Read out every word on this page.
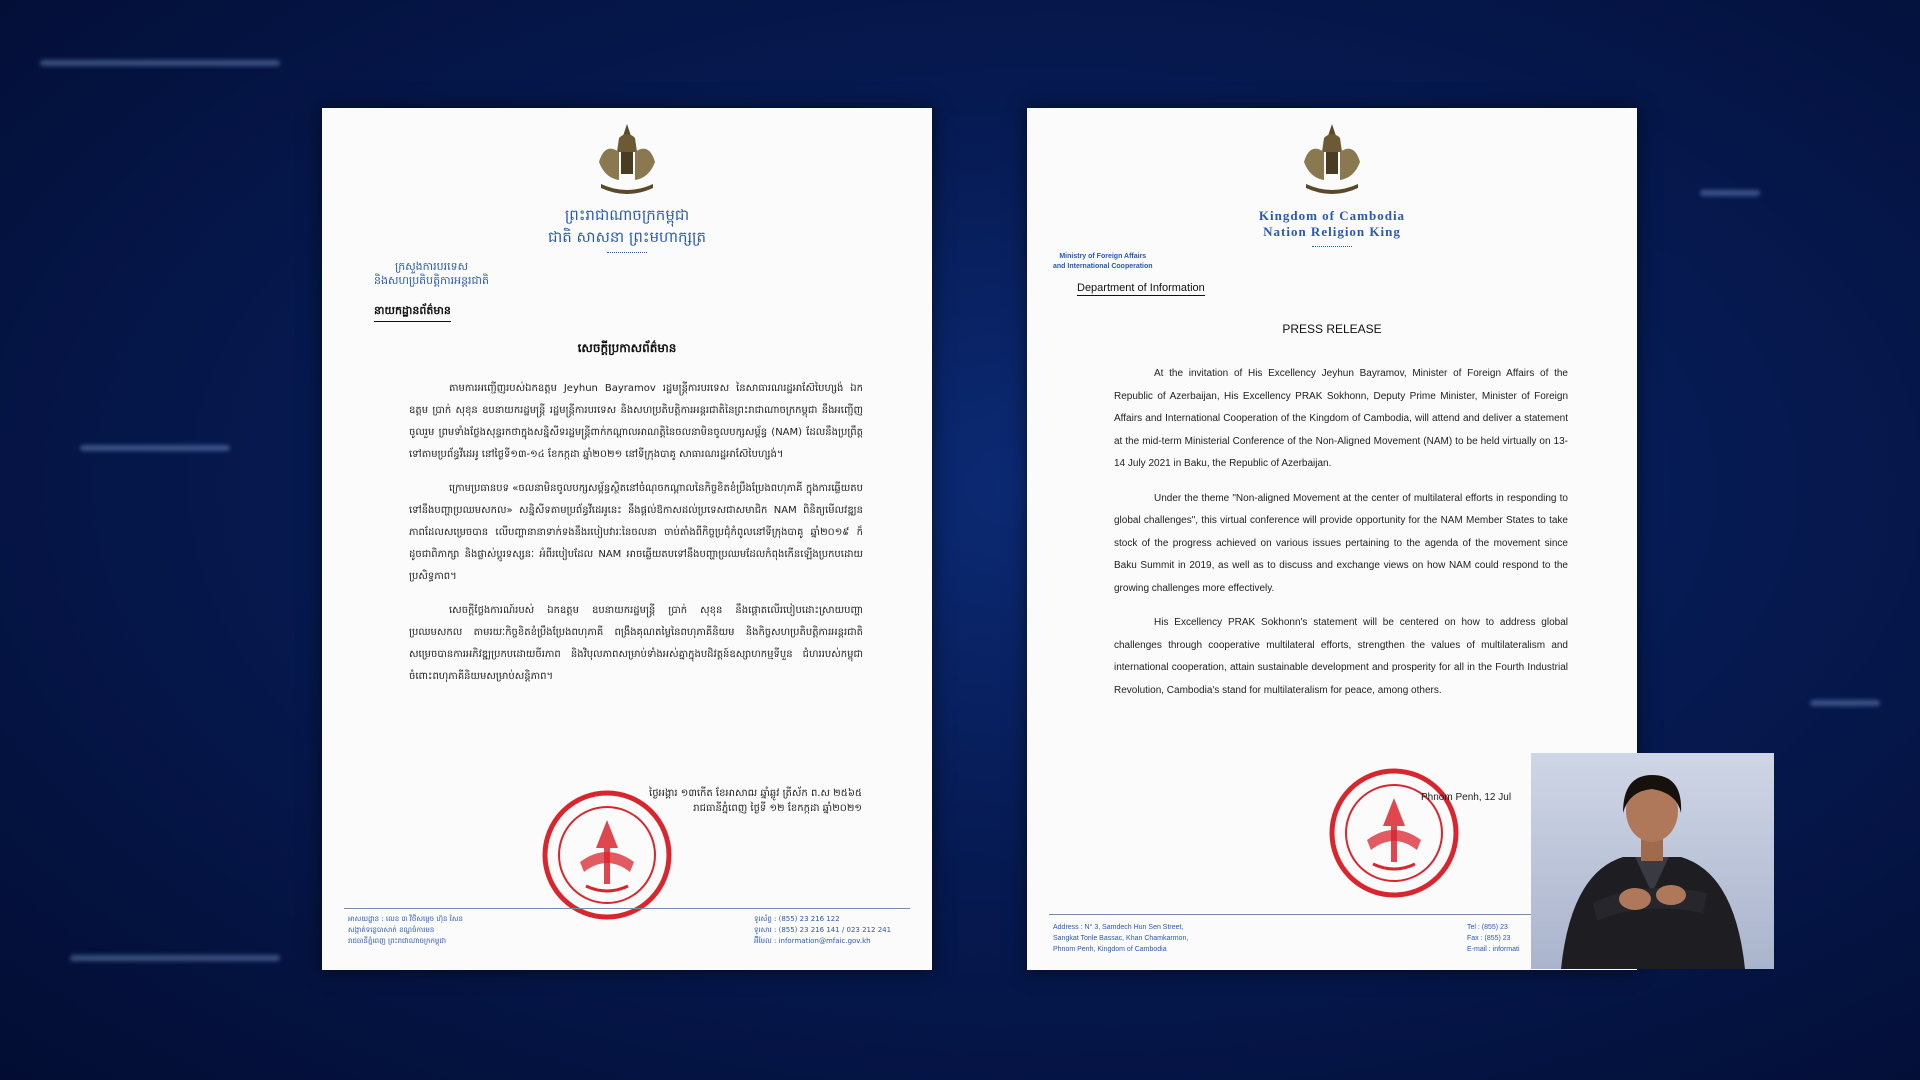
ព្រះរាជាណាចក្រកម្ពុជា
ជាតិ សាសនា ព្រះមហាក្សត្រ
ក្រសួងការបរទេស
និងសហប្រតិបត្តិការអន្តរជាតិ
នាយកដ្ឋានព័ត៌មាន
សេចក្តីប្រកាសព័ត៌មាន

តាមការអញ្ជើញរបស់ឯកឧត្តម Jeyhun Bayramov រដ្ឋមន្ត្រីការបរទេស នៃសាធារណរដ្ឋអាស៊ែបៃហ្សង់ ឯកឧត្តម ប្រាក់ សុខុន ឧបនាយករដ្ឋមន្ត្រី រដ្ឋមន្ត្រីការបរទេស និងសហប្រតិបត្តិការអន្តរជាតិនៃព្រះរាជាណាចក្រកម្ពុជា នឹងអញ្ជើញចូលរួម ព្រមទាំងថ្លែងសុន្ទរកថាក្នុងសន្និសីទរដ្ឋមន្ត្រីពាក់កណ្តាលអាណត្តិនៃចលនាមិនចូលបក្សសម្ព័ន្ធ (NAM) ដែលនឹងប្រព្រឹត្តទៅតាមប្រព័ន្ធវីដេអូ នៅថ្ងៃទី១៣-១៤ ខែកក្កដា ឆ្នាំ២០២១ នៅទីក្រុងបាគូ សាធារណរដ្ឋអាស៊ែបៃហ្សង់។

ក្រោមប្រធានបទ «ចលនាមិនចូលបក្សសម្ព័ន្ធស្ថិតនៅចំណុចកណ្តាលនៃកិច្ចខិតខំប្រឹងប្រែងពហុភាគី ក្នុងការឆ្លើយតបទៅនឹងបញ្ហាប្រឈមសកល» សន្និសីទតាមប្រព័ន្ធវីដេអូនេះ នឹងផ្តល់ឱកាសដល់ប្រទេសជាសមាជិក NAM ពិនិត្យមើលវឌ្ឍនភាពដែលសម្រេចបាន លើបញ្ហានានាទាក់ទងនឹងរបៀបវារៈនៃចលនា ចាប់តាំងពីកិច្ចប្រជុំកំពូលនៅទីក្រុងបាគូ ឆ្នាំ២០១៩ ក៏ដូចជាពិភាក្សា និងផ្លាស់ប្តូរទស្សនៈ អំពីរបៀបដែល NAM អាចឆ្លើយតបទៅនឹងបញ្ហាប្រឈមដែលកំពុងកើនឡើងប្រកបដោយប្រសិទ្ធភាព។

សេចក្តីថ្លែងការណ៍របស់ ឯកឧត្តម ឧបនាយករដ្ឋមន្ត្រី ប្រាក់ សុខុន នឹងផ្តោតលើរបៀបដោះស្រាយបញ្ហាប្រឈមសកល តាមរយៈកិច្ចខិតខំប្រឹងប្រែងពហុភាគី ពង្រឹងគុណតម្លៃនៃពហុភាគីនិយម និងកិច្ចសហប្រតិបត្តិការអន្តរជាតិ សម្រេចបានការអភិវឌ្ឍប្រកបដោយចីរភាព និងវិបុលភាពសម្រាប់ទាំងអស់គ្នាក្នុងបដិវត្តន៍ឧស្សាហកម្មទីបួន ជំហររបស់កម្ពុជាចំពោះពហុភាគីនិយមសម្រាប់សន្តិភាព។

ថ្ងៃអង្គារ ១៣កើត ខែអាសាឍ ឆ្នាំឆ្លូវ ត្រីស័ក ព.ស ២៥៦៥
រាជធានីភ្នំពេញ ថ្ងៃទី ១២ ខែកក្កដា ឆ្នាំ២០២១
អាសយដ្ឋាន : លេខ ៣ វិថីសម្តេច ហ៊ុន សែន
សង្កាត់ទន្លេបាសាក់ ខណ្ឌចំការមន
រាជធានីភ្នំពេញ ព្រះរាជាណាចក្រកម្ពុជា
ទូរស័ព្ទ : (855) 23 216 122
ទូរសារ : (855) 23 216 141 / 023 212 241
អ៊ីមែល : information@mfaic.gov.kh
Kingdom of Cambodia
Nation Religion King
Ministry of Foreign Affairs
and International Cooperation
Department of Information
PRESS RELEASE

At the invitation of His Excellency Jeyhun Bayramov, Minister of Foreign Affairs of the Republic of Azerbaijan, His Excellency PRAK Sokhonn, Deputy Prime Minister, Minister of Foreign Affairs and International Cooperation of the Kingdom of Cambodia, will attend and deliver a statement at the mid-term Ministerial Conference of the Non-Aligned Movement (NAM) to be held virtually on 13-14 July 2021 in Baku, the Republic of Azerbaijan.

Under the theme "Non-aligned Movement at the center of multilateral efforts in responding to global challenges", this virtual conference will provide opportunity for the NAM Member States to take stock of the progress achieved on various issues pertaining to the agenda of the movement since Baku Summit in 2019, as well as to discuss and exchange views on how NAM could respond to the growing challenges more effectively.

His Excellency PRAK Sokhonn's statement will be centered on how to address global challenges through cooperative multilateral efforts, strengthen the values of multilateralism and international cooperation, attain sustainable development and prosperity for all in the Fourth Industrial Revolution, Cambodia's stand for multilateralism for peace, among others.

Phnom Penh, 12 Jul
Address : N° 3, Samdech Hun Sen Street,
Sangkat Tonle Bassac, Khan Chamkarmon,
Phnom Penh, Kingdom of Cambodia
Tel : (855) 23
Fax : (855) 23
E-mail : informati
